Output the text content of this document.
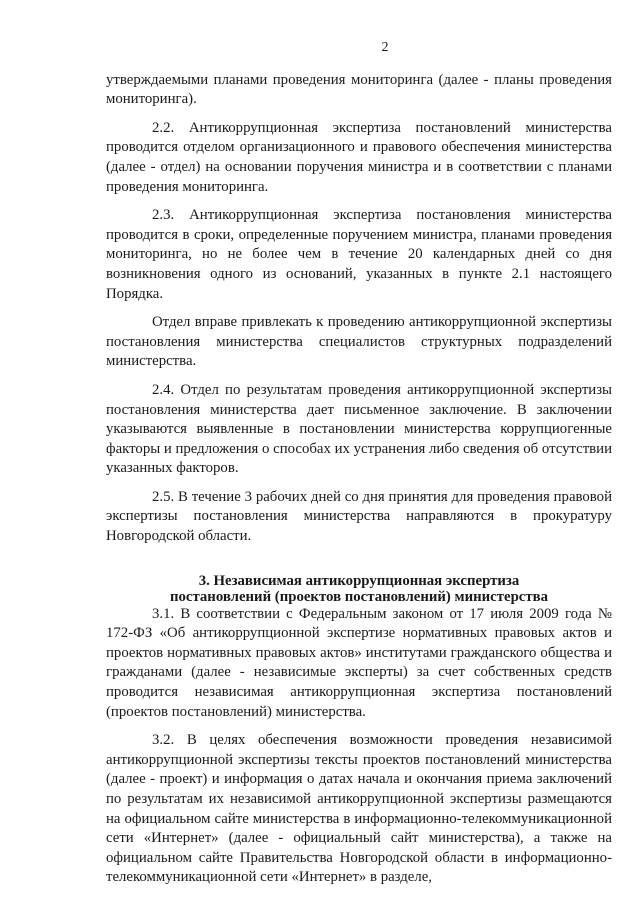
2

утверждаемыми планами проведения мониторинга (далее - планы проведения мониторинга).

2.2. Антикоррупционная экспертиза постановлений министерства проводится отделом организационного и правового обеспечения министерства (далее - отдел) на основании поручения министра и в соответствии с планами проведения мониторинга.

2.3. Антикоррупционная экспертиза постановления министерства проводится в сроки, определенные поручением министра, планами проведения мониторинга, но не более чем в течение 20 календарных дней со дня возникновения одного из оснований, указанных в пункте 2.1 настоящего Порядка.

Отдел вправе привлекать к проведению антикоррупционной экспертизы постановления министерства специалистов структурных подразделений министерства.

2.4. Отдел по результатам проведения антикоррупционной экспертизы постановления министерства дает письменное заключение. В заключении указываются выявленные в постановлении министерства коррупциогенные факторы и предложения о способах их устранения либо сведения об отсутствии указанных факторов.

2.5. В течение 3 рабочих дней со дня принятия для проведения правовой экспертизы постановления министерства направляются в прокуратуру Новгородской области.

3. Независимая антикоррупционная экспертиза
постановлений (проектов постановлений) министерства

3.1. В соответствии с Федеральным законом от 17 июля 2009 года № 172-ФЗ «Об антикоррупционной экспертизе нормативных правовых актов и проектов нормативных правовых актов» институтами гражданского общества и гражданами (далее - независимые эксперты) за счет собственных средств проводится независимая антикоррупционная экспертиза постановлений (проектов постановлений) министерства.

3.2. В целях обеспечения возможности проведения независимой антикоррупционной экспертизы тексты проектов постановлений министерства (далее - проект) и информация о датах начала и окончания приема заключений по результатам их независимой антикоррупционной экспертизы размещаются на официальном сайте министерства в информационно-телекоммуникационной сети «Интернет» (далее - официальный сайт министерства), а также на официальном сайте Правительства Новгородской области в информационно-телекоммуникационной сети «Интернет» в разделе,
